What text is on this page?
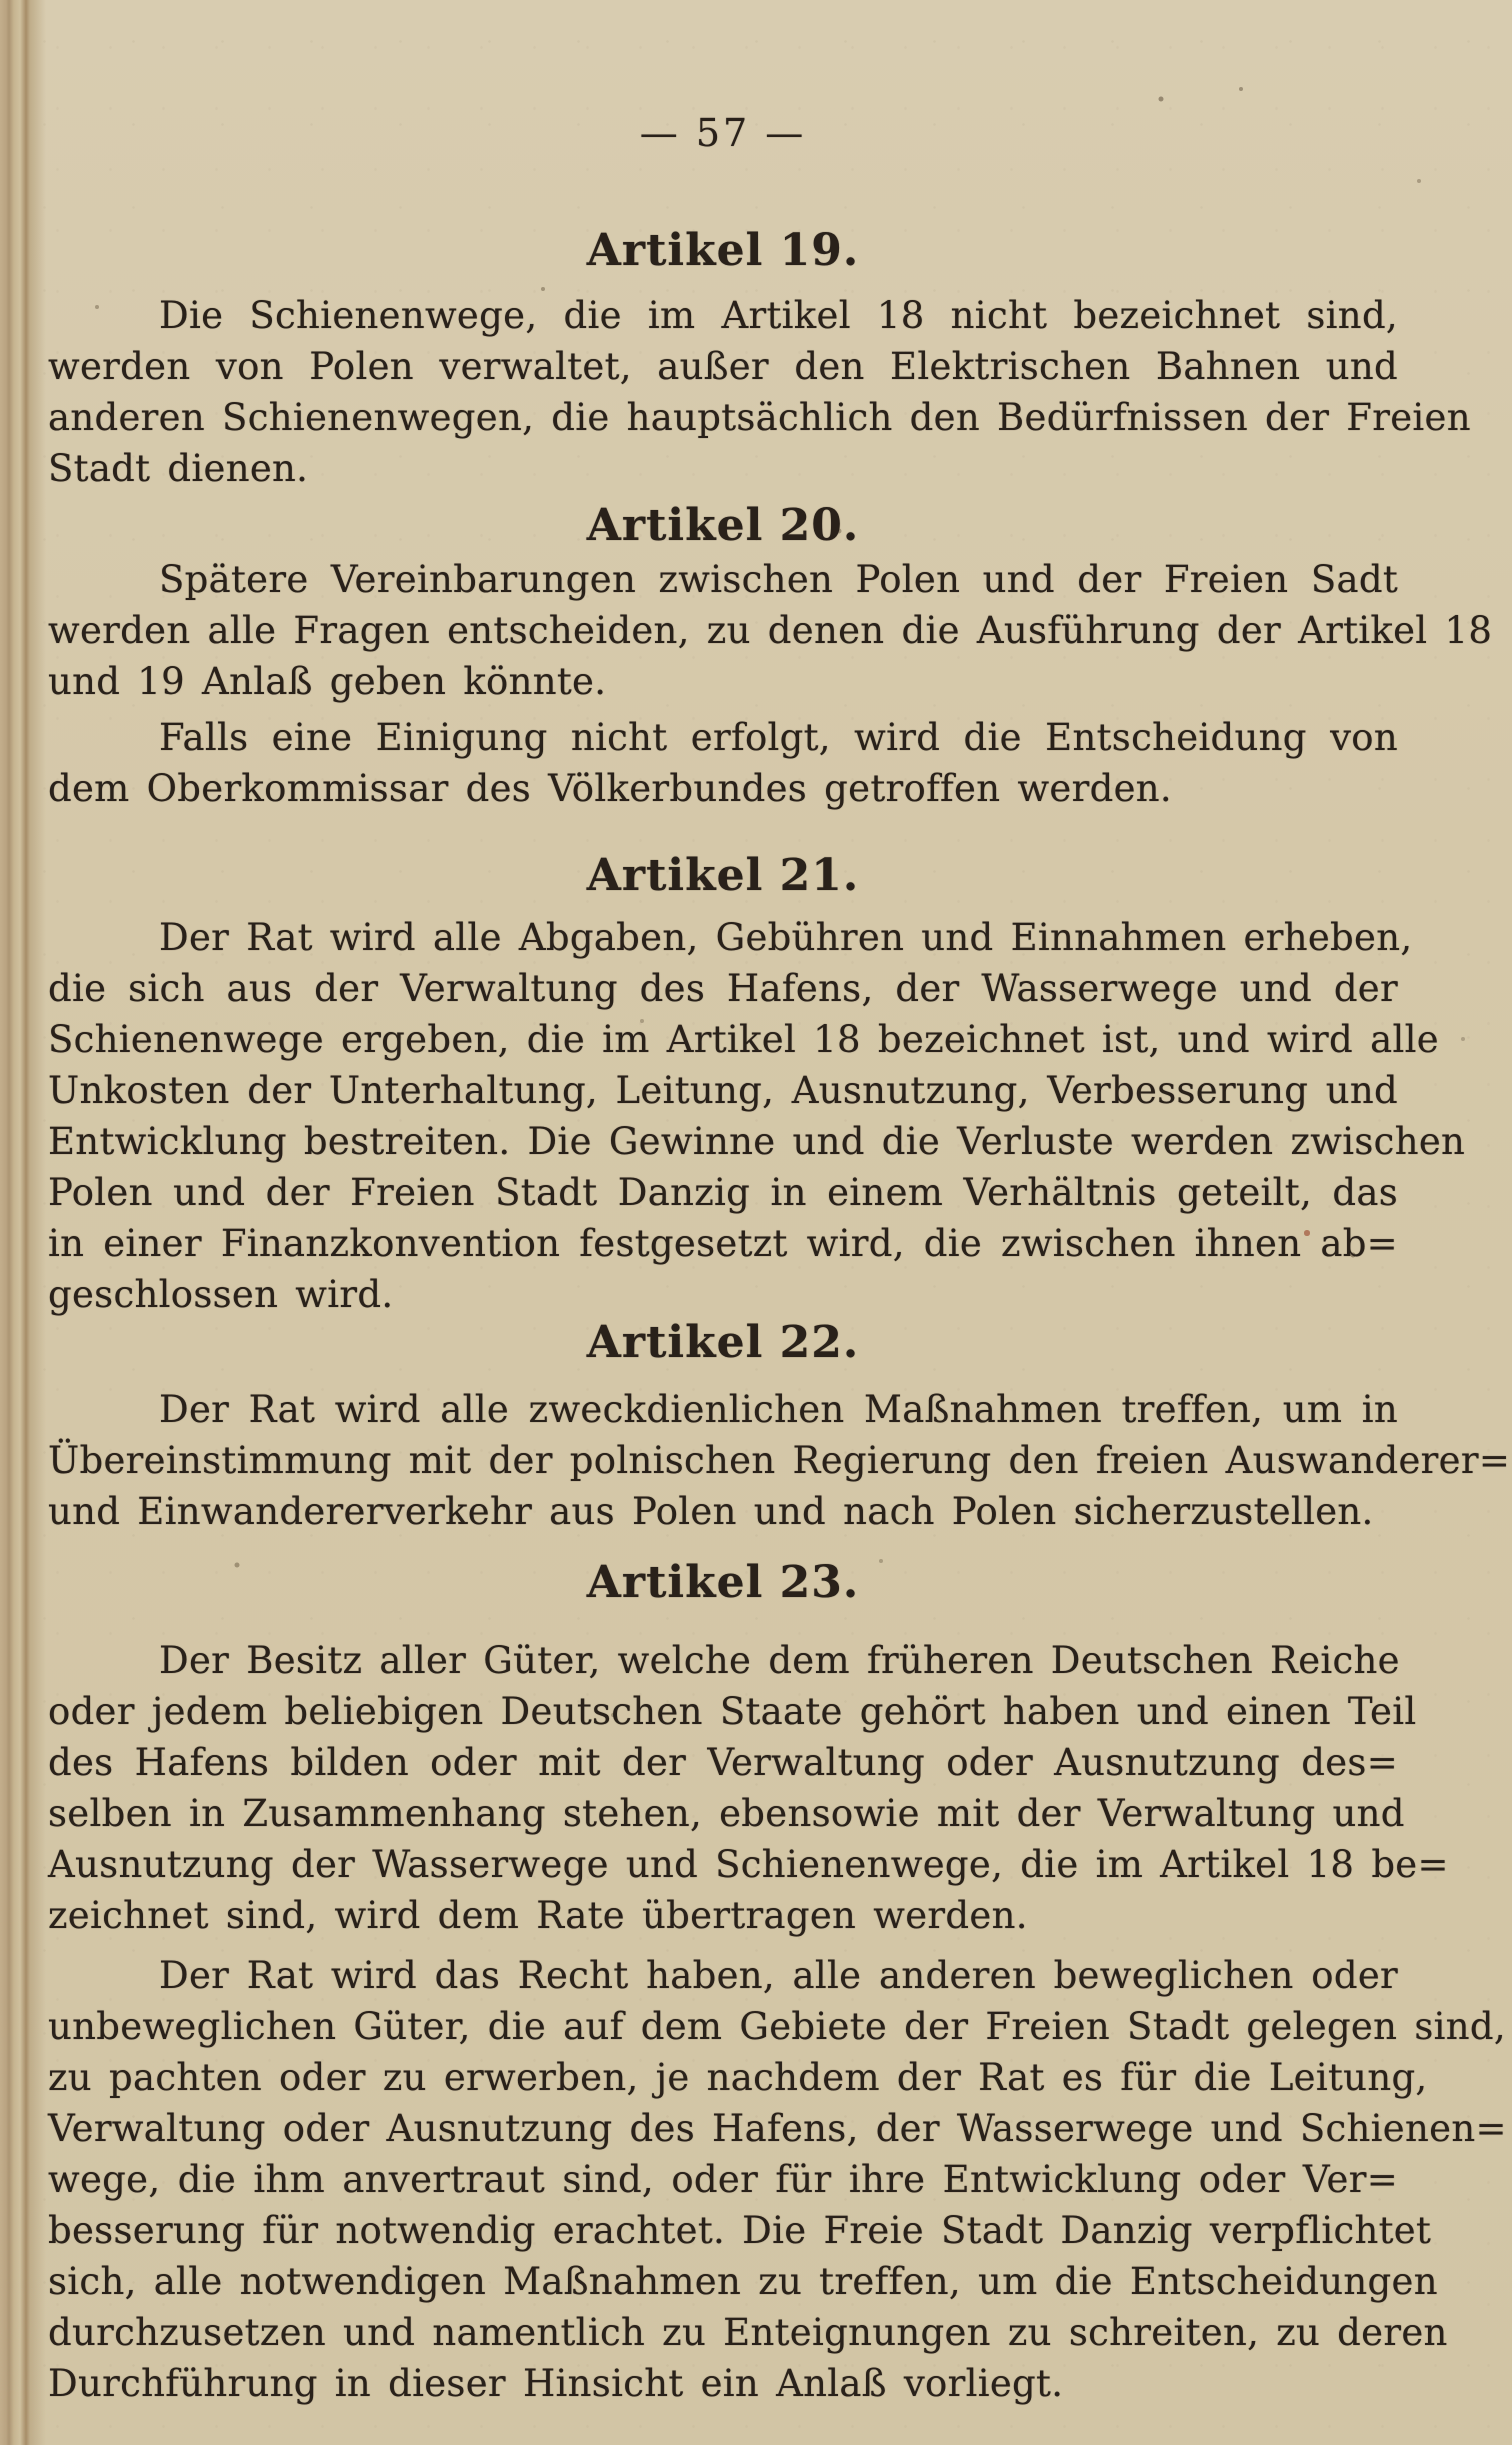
— 57 —
Artikel 19.
Die Schienenwege, die im Artikel 18 nicht bezeichnet sind,
werden von Polen verwaltet, außer den Elektrischen Bahnen und
anderen Schienenwegen, die hauptsächlich den Bedürfnissen der Freien
Stadt dienen.
Artikel 20.
Spätere Vereinbarungen zwischen Polen und der Freien Sadt
werden alle Fragen entscheiden, zu denen die Ausführung der Artikel 18
und 19 Anlaß geben könnte.
Falls eine Einigung nicht erfolgt, wird die Entscheidung von
dem Oberkommissar des Völkerbundes getroffen werden.
Artikel 21.
Der Rat wird alle Abgaben, Gebühren und Einnahmen erheben,
die sich aus der Verwaltung des Hafens, der Wasserwege und der
Schienenwege ergeben, die im Artikel 18 bezeichnet ist, und wird alle
Unkosten der Unterhaltung, Leitung, Ausnutzung, Verbesserung und
Entwicklung bestreiten. Die Gewinne und die Verluste werden zwischen
Polen und der Freien Stadt Danzig in einem Verhältnis geteilt, das
in einer Finanzkonvention festgesetzt wird, die zwischen ihnen ab=
geschlossen wird.
Artikel 22.
Der Rat wird alle zweckdienlichen Maßnahmen treffen, um in
Übereinstimmung mit der polnischen Regierung den freien Auswanderer=
und Einwandererverkehr aus Polen und nach Polen sicherzustellen.
Artikel 23.
Der Besitz aller Güter, welche dem früheren Deutschen Reiche
oder jedem beliebigen Deutschen Staate gehört haben und einen Teil
des Hafens bilden oder mit der Verwaltung oder Ausnutzung des=
selben in Zusammenhang stehen, ebensowie mit der Verwaltung und
Ausnutzung der Wasserwege und Schienenwege, die im Artikel 18 be=
zeichnet sind, wird dem Rate übertragen werden.
Der Rat wird das Recht haben, alle anderen beweglichen oder
unbeweglichen Güter, die auf dem Gebiete der Freien Stadt gelegen sind,
zu pachten oder zu erwerben, je nachdem der Rat es für die Leitung,
Verwaltung oder Ausnutzung des Hafens, der Wasserwege und Schienen=
wege, die ihm anvertraut sind, oder für ihre Entwicklung oder Ver=
besserung für notwendig erachtet. Die Freie Stadt Danzig verpflichtet
sich, alle notwendigen Maßnahmen zu treffen, um die Entscheidungen
durchzusetzen und namentlich zu Enteignungen zu schreiten, zu deren
Durchführung in dieser Hinsicht ein Anlaß vorliegt.
